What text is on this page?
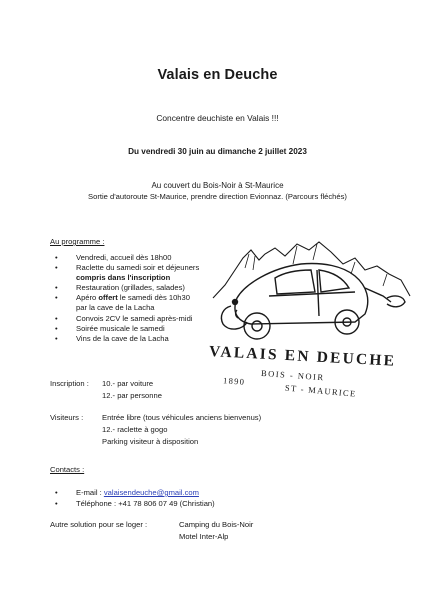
Valais en Deuche
Concentre deuchiste en Valais !!!
Du vendredi 30 juin au dimanche 2 juillet 2023
Au couvert du Bois-Noir à St-Maurice
Sortie d'autoroute St-Maurice, prendre direction Evionnaz. (Parcours fléchés)
Au programme :
• Vendredi, accueil dès 18h00
• Raclette du samedi soir et déjeuners
compris dans l'inscription
• Restauration (grillades, salades)
• Apéro offert le samedi dès 10h30
par la cave de la Lacha
• Convois 2CV le samedi après-midi
• Soirée musicale le samedi
• Vins de la cave de la Lacha
VALAIS EN DEUCHE
BOIS - NOIR
1890
ST - MAURICE
Inscription : 10.- par voiture
12.- par personne
Visiteurs : Entrée libre (tous véhicules anciens bienvenus)
12.- raclette à gogo
Parking visiteur à disposition
Contacts :
• E-mail : valaisendeuche@gmail.com
• Téléphone : +41 78 806 07 49 (Christian)
Autre solution pour se loger :	Camping du Bois-Noir
Motel Inter-Alp
